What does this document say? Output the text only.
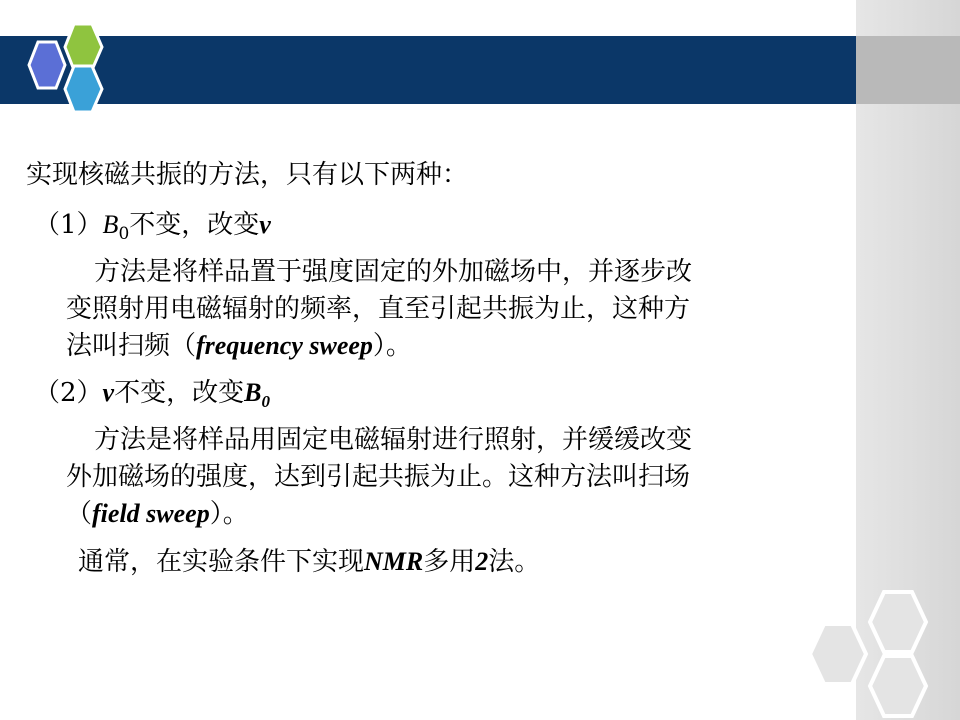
实现核磁共振的方法，只有以下两种：
$(1)B_0$不变，改变v
方法是将样品置于强度固定的外加磁场中，并逐步改
变照射用电磁辐射的频率，直至引起共振为止，这种方
法叫扫频（frequency sweep）。
（2）v不变，改变$B_0$
方法是将样品用固定电磁辐射进行照射，并缓缓改变
外加磁场的强度，达到引起共振为止。这种方法叫扫场
（field sweep）。
通常，在实验条件下实现NMR多用2法。
